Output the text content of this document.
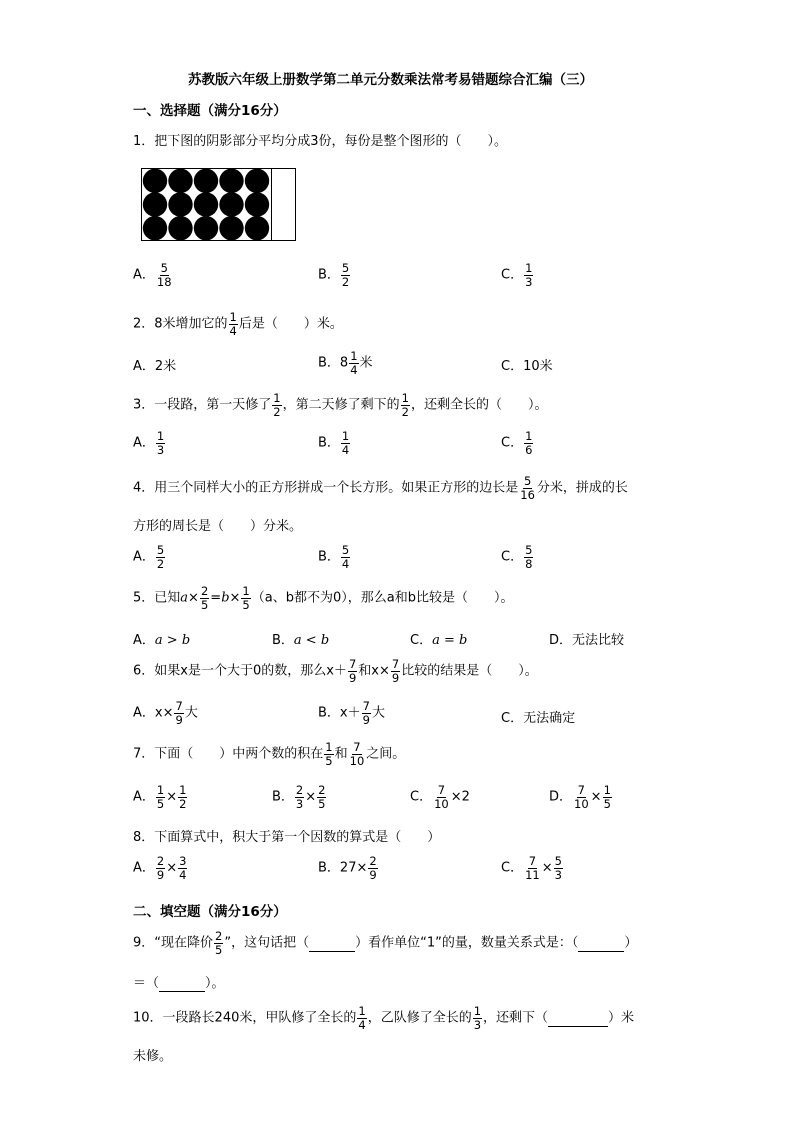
苏教版六年级上册数学第二单元分数乘法常考易错题综合汇编（三）
一、选择题（满分16分）
1．把下图的阴影部分平均分成3份，每份是整个图形的（　　）。
A． $\frac{5}{18}$	B． $\frac{5}{2}$	C． $\frac{1}{3}$
2．8米增加它的 $\frac{1}{4}$ 后是（　　）米。
A．2米	B．$8 \frac{1}{4}$ 米	C．10米
3．一段路，第一天修了 $\frac{1}{2}$ ，第二天修了剩下的 $\frac{1}{2}$ ，还剩全长的（　　）。
A． $\frac{1}{3}$	B． $\frac{1}{4}$	C． $\frac{1}{6}$
4．用三个同样大小的正方形拼成一个长方形。如果正方形的边长是 $\frac{5}{16}$ 分米，拼成的长
方形的周长是（　　）分米。
A． $\frac{5}{2}$	B． $\frac{5}{4}$	C． $\frac{5}{8}$
5．已知$a\times \frac{2}{5} =b\times \frac{1}{5} (a$、b都不为0），那么a和b比较是（　　）。
A．a > b	B．a < b	C．a = b	D．无法比较
6．如果x是一个大于0的数，那么$x+ \frac{7}{9}$ 和$x\times \frac{7}{9}$ 比较的结果是（　　）。
A．$x\times \frac{7}{9}$ 大	B．$x+ \frac{7}{9}$ 大	C．无法确定
7．下面（　　）中两个数的积在 $\frac{1}{5}$ 和 $\frac{7}{10}$ 之间。
A． $\frac{1}{5} \times \frac{1}{2}$	B． $\frac{2}{3} \times \frac{2}{5}$	C． $\frac{7}{10} \times 2$	D． $\frac{7}{10} \times \frac{1}{5}$
8．下面算式中，积大于第一个因数的算式是（　　）
A． $\frac{2}{9} \times \frac{3}{4}$	B．$27\times \frac{2}{9}$	C． $\frac{7}{11} \times \frac{5}{3}$
二、填空题（满分16分）
9．“现在降价 $\frac{2}{5}$ ”，这句话把（	）看作单位“1”的量，数量关系式是：（	）
＝（	）。
10．一段路长240米，甲队修了全长的 $\frac{1}{4}$ ，乙队修了全长的 $\frac{1}{3}$ ，还剩下（	）米
未修。
